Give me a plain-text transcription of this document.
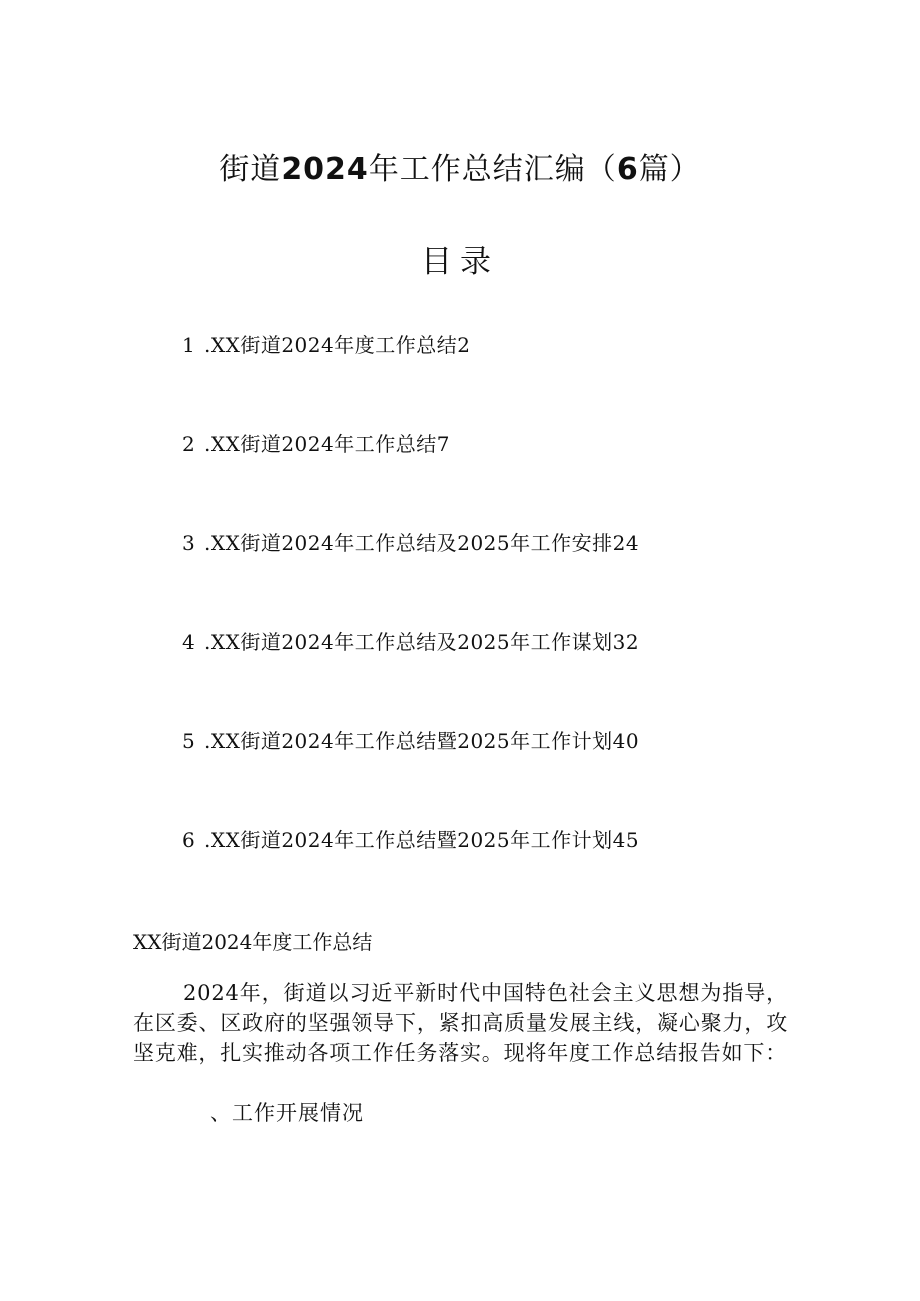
街道2024年工作总结汇编（6篇）
目录
1 .XX街道2024年度工作总结2
2 .XX街道2024年工作总结7
3 .XX街道2024年工作总结及2025年工作安排24
4 .XX街道2024年工作总结及2025年工作谋划32
5 .XX街道2024年工作总结暨2025年工作计划40
6 .XX街道2024年工作总结暨2025年工作计划45
XX街道2024年度工作总结
2024年，街道以习近平新时代中国特色社会主义思想为指导，在区委、区政府的坚强领导下，紧扣高质量发展主线，凝心聚力，攻坚克难，扎实推动各项工作任务落实。现将年度工作总结报告如下：
、工作开展情况
